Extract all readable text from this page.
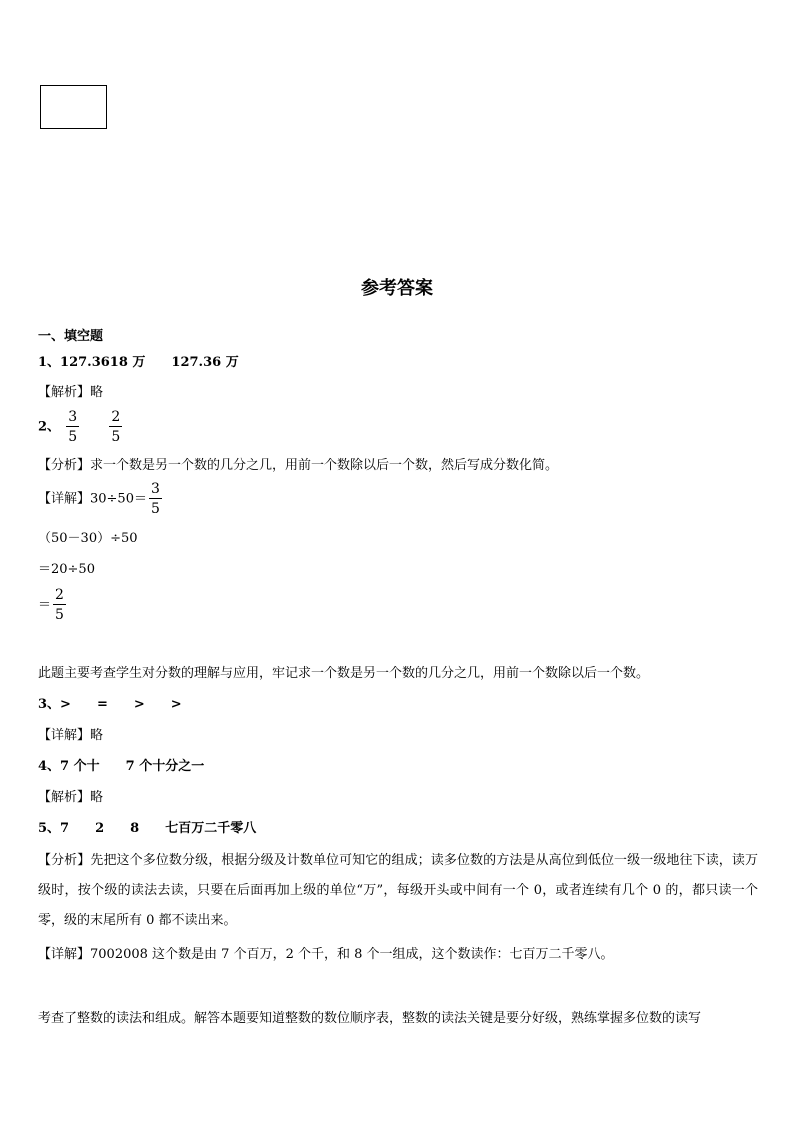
参考答案
一、填空题
1、127.3618 万 127.36 万
【解析】略
2、 $\frac{3}{5}$
$\frac{2}{5}$
【分析】求一个数是另一个数的几分之几，用前一个数除以后一个数，然后写成分数化简。
【详解】$30\div 50= \frac{3}{5}$
（50－30）÷50
＝20÷50
＝ $\frac{2}{5}$
此题主要考查学生对分数的理解与应用，牢记求一个数是另一个数的几分之几，用前一个数除以后一个数。
3、> = > >
【详解】略
4、7 个十 7 个十分之一
【解析】略
5、7 2 8 七百万二千零八
【分析】先把这个多位数分级，根据分级及计数单位可知它的组成；读多位数的方法是从高位到低位一级一级地往下读，读万级时，按个级的读法去读，只要在后面再加上级的单位“万”，每级开头或中间有一个 0，或者连续有几个 0 的，都只读一个零，级的末尾所有 0 都不读出来。
【详解】7002008 这个数是由 7 个百万，2 个千，和 8 个一组成，这个数读作：七百万二千零八。
考查了整数的读法和组成。解答本题要知道整数的数位顺序表，整数的读法关键是要分好级，熟练掌握多位数的读写
